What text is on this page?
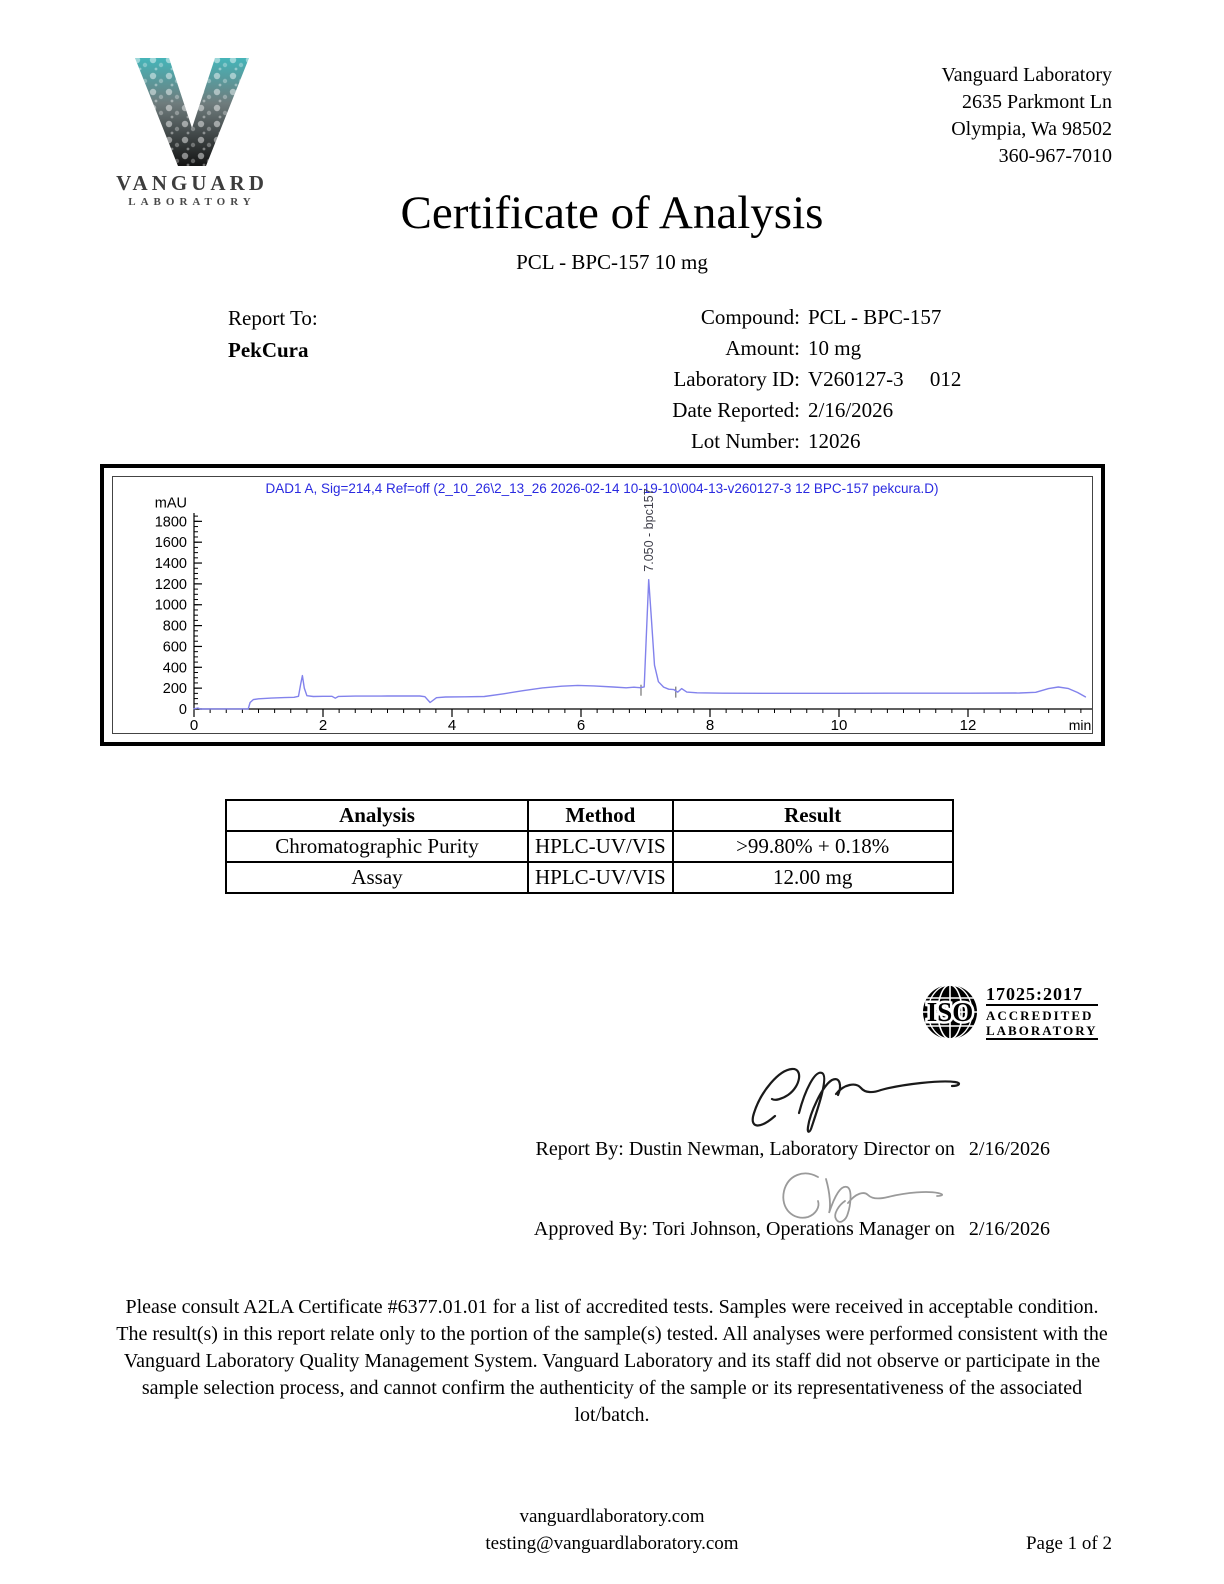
VANGUARD
LABORATORY
Vanguard Laboratory
2635 Parkmont Ln
Olympia, Wa 98502
360-967-7010
Certificate of Analysis
PCL - BPC-157 10 mg
Report To:
PekCura
Compound: PCL - BPC-157
Amount: 10 mg
Laboratory ID: V260127-3     012
Date Reported: 2/16/2026
Lot Number: 12026
DAD1 A, Sig=214,4 Ref=off (2_10_26\2_13_26 2026-02-14 10-19-10\004-13-v260127-3 12 BPC-157 pekcura.D)
0
200
400
600
800
1000
1200
1400
1600
1800
mAU
0	2	4	6	8	10	12	min
7.050 - bpc157
Analysis	Method	Result
Chromatographic Purity	HPLC-UV/VIS	>99.80% + 0.18%
Assay	HPLC-UV/VIS	12.00 mg
ISO
17025:2017
ACCREDITED
LABORATORY
Report By: Dustin Newman, Laboratory Director on 2/16/2026
Approved By: Tori Johnson, Operations Manager on 2/16/2026
Please consult A2LA Certificate #6377.01.01 for a list of accredited tests. Samples were received in acceptable condition. The result(s) in this report relate only to the portion of the sample(s) tested. All analyses were performed consistent with the Vanguard Laboratory Quality Management System. Vanguard Laboratory and its staff did not observe or participate in the sample selection process, and cannot confirm the authenticity of the sample or its representativeness of the associated lot/batch.
vanguardlaboratory.com
testing@vanguardlaboratory.com	Page 1 of 2
